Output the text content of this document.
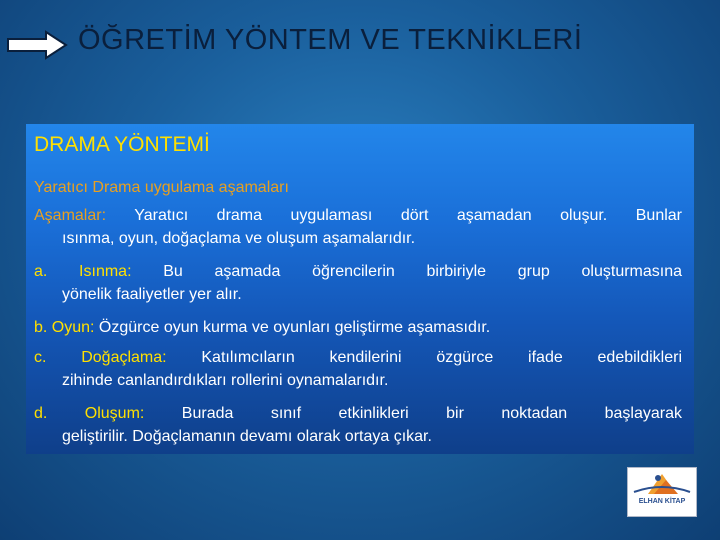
ÖĞRETİM YÖNTEM VE TEKNİKLERİ
DRAMA YÖNTEMİ
Yaratıcı Drama uygulama aşamaları
Aşamalar: Yaratıcı drama uygulaması dört aşamadan oluşur. Bunlar
ısınma, oyun, doğaçlama ve oluşum aşamalarıdır.
a. Isınma: Bu aşamada öğrencilerin birbiriyle grup oluşturmasına
yönelik faaliyetler yer alır.
b. Oyun: Özgürce oyun kurma ve oyunları geliştirme aşamasıdır.
c. Doğaçlama: Katılımcıların kendilerini özgürce ifade edebildikleri
zihinde canlandırdıkları rollerini oynamalarıdır.
d. Oluşum: Burada sınıf etkinlikleri bir noktadan başlayarak
geliştirilir. Doğaçlamanın devamı olarak ortaya çıkar.
ELHAN KİTAP
